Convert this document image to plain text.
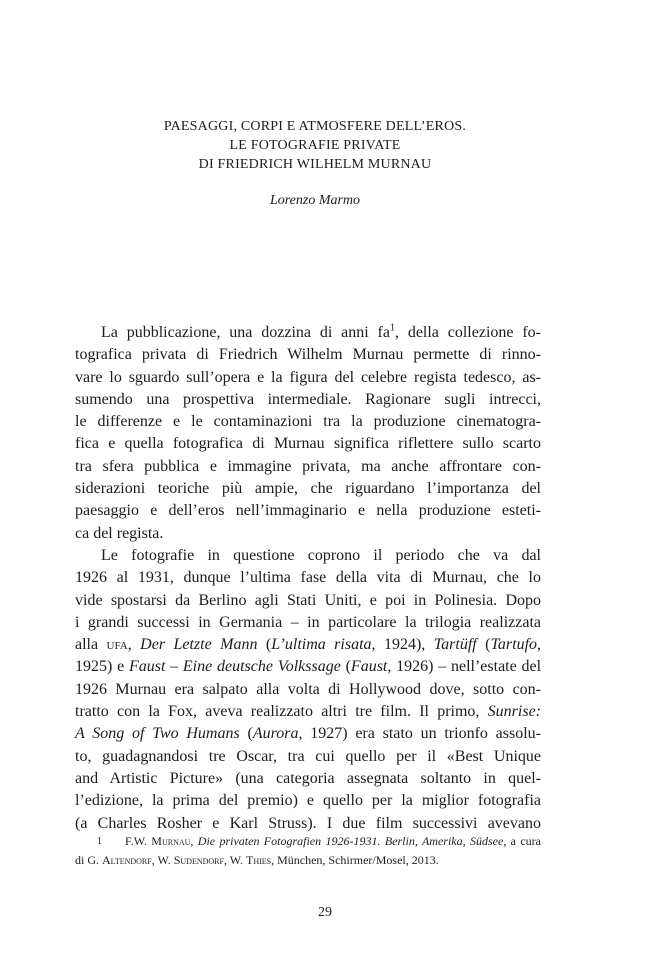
PAESAGGI, CORPI E ATMOSFERE DELL’EROS.
LE FOTOGRAFIE PRIVATE
DI FRIEDRICH WILHELM MURNAU
Lorenzo Marmo
La pubblicazione, una dozzina di anni fa$^1$, della collezione fo-
tografica privata di Friedrich Wilhelm Murnau permette di rinno-
vare lo sguardo sull’opera e la figura del celebre regista tedesco, as-
sumendo una prospettiva intermediale. Ragionare sugli intrecci,
le differenze e le contaminazioni tra la produzione cinematogra-
fica e quella fotografica di Murnau significa riflettere sullo scarto
tra sfera pubblica e immagine privata, ma anche affrontare con-
siderazioni teoriche più ampie, che riguardano l’importanza del
paesaggio e dell’eros nell’immaginario e nella produzione esteti-
ca del regista.
Le fotografie in questione coprono il periodo che va dal
1926 al 1931, dunque l’ultima fase della vita di Murnau, che lo
vide spostarsi da Berlino agli Stati Uniti, e poi in Polinesia. Dopo
i grandi successi in Germania – in particolare la trilogia realizzata
alla ufa, Der Letzte Mann (L’ultima risata, 1924), Tartüff (Tartufo,
1925) e Faust – Eine deutsche Volkssage (Faust, 1926) – nell’estate del
1926 Murnau era salpato alla volta di Hollywood dove, sotto con-
tratto con la Fox, aveva realizzato altri tre film. Il primo, Sunrise:
A Song of Two Humans (Aurora, 1927) era stato un trionfo assolu-
to, guadagnandosi tre Oscar, tra cui quello per il «Best Unique
and Artistic Picture» (una categoria assegnata soltanto in quel-
l’edizione, la prima del premio) e quello per la miglior fotografia
(a Charles Rosher e Karl Struss). I due film successivi avevano
1 F.W. Murnau, Die privaten Fotografien 1926-1931. Berlin, Amerika, Südsee, a cura
di G. Altendorf, W. Sudendorf, W. Thies, München, Schirmer/Mosel, 2013.
29
